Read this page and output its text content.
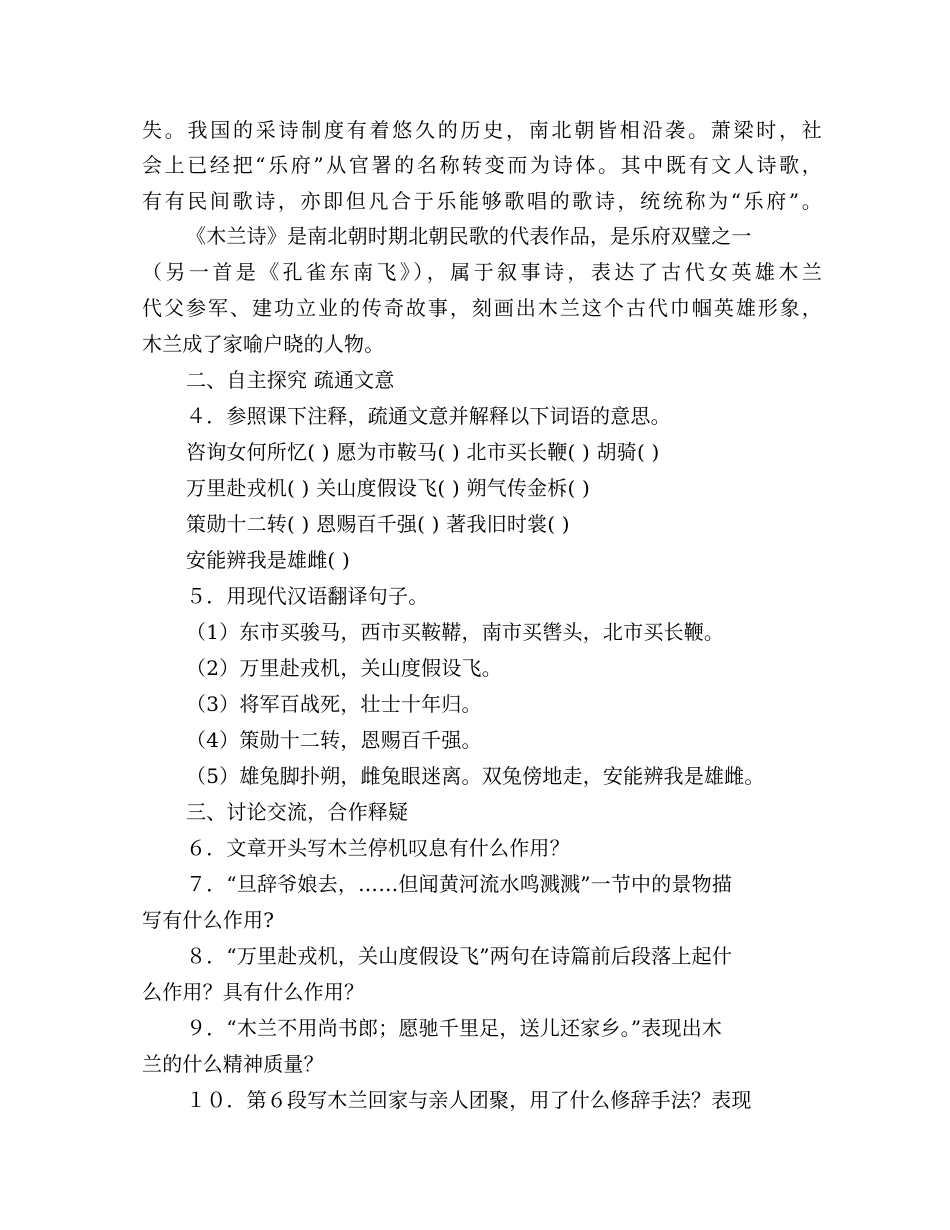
失。我国的采诗制度有着悠久的历史，南北朝皆相沿袭。萧梁时，社
会上已经把“乐府”从官署的名称转变而为诗体。其中既有文人诗歌，
有有民间歌诗，亦即但凡合于乐能够歌唱的歌诗，统统称为“乐府”。
《木兰诗》是南北朝时期北朝民歌的代表作品，是乐府双璧之一
（另一首是《孔雀东南飞》），属于叙事诗，表达了古代女英雄木兰
代父参军、建功立业的传奇故事，刻画出木兰这个古代巾帼英雄形象，
木兰成了家喻户晓的人物。
二、自主探究 疏通文意
４．参照课下注释，疏通文意并解释以下词语的意思。
咨询女何所忆( ) 愿为市鞍马( ) 北市买长鞭( ) 胡骑( )
万里赴戎机( ) 关山度假设飞( ) 朔气传金柝( )
策勋十二转( ) 恩赐百千强( ) 著我旧时裳( )
安能辨我是雄雌( )
５．用现代汉语翻译句子。
（1）东市买骏马，西市买鞍鞯，南市买辔头，北市买长鞭。
（2）万里赴戎机，关山度假设飞。
（3）将军百战死，壮士十年归。
（4）策勋十二转，恩赐百千强。
（5）雄兔脚扑朔，雌兔眼迷离。双兔傍地走，安能辨我是雄雌。
三、讨论交流，合作释疑
６．文章开头写木兰停机叹息有什么作用？
７．“旦辞爷娘去，……但闻黄河流水鸣溅溅”一节中的景物描
写有什么作用?
８．“万里赴戎机，关山度假设飞”两句在诗篇前后段落上起什
么作用？具有什么作用？
９．“木兰不用尚书郎；愿驰千里足，送儿还家乡。”表现出木
兰的什么精神质量？
１０．第６段写木兰回家与亲人团聚，用了什么修辞手法？表现
